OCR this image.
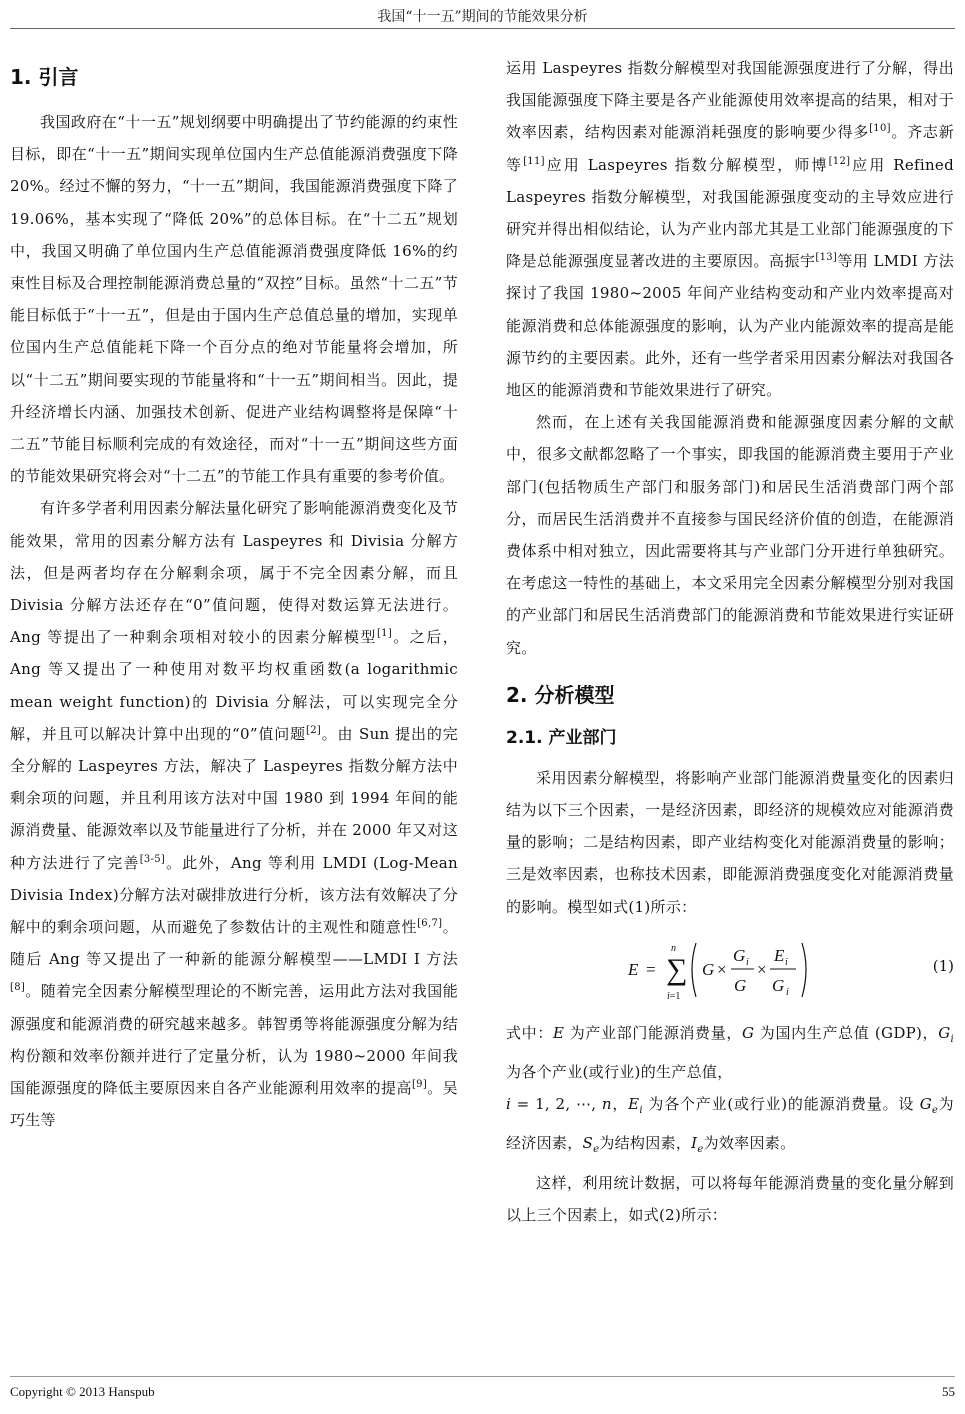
我国“十一五”期间的节能效果分析
1. 引言

我国政府在“十一五”规划纲要中明确提出了节约能源的约束性目标，即在“十一五”期间实现单位国内生产总值能源消费强度下降 20%。经过不懈的努力，“十一五”期间，我国能源消费强度下降了 19.06%，基本实现了“降低 20%”的总体目标。在“十二五”规划中，我国又明确了单位国内生产总值能源消费强度降低 16%的约束性目标及合理控制能源消费总量的“双控”目标。虽然“十二五”节能目标低于“十一五”，但是由于国内生产总值总量的增加，实现单位国内生产总值能耗下降一个百分点的绝对节能量将会增加，所以“十二五”期间要实现的节能量将和“十一五”期间相当。因此，提升经济增长内涵、加强技术创新、促进产业结构调整将是保障“十二五”节能目标顺利完成的有效途径，而对“十一五”期间这些方面的节能效果研究将会对“十二五”的节能工作具有重要的参考价值。

有许多学者利用因素分解法量化研究了影响能源消费变化及节能效果，常用的因素分解方法有 Laspeyres 和 Divisia 分解方法，但是两者均存在分解剩余项，属于不完全因素分解，而且 Divisia 分解方法还存在“0”值问题，使得对数运算无法进行。Ang 等提出了一种剩余项相对较小的因素分解模型[1]。之后，Ang 等又提出了一种使用对数平均权重函数(a logarithmic mean weight function)的 Divisia 分解法，可以实现完全分解，并且可以解决计算中出现的“0”值问题[2]。由 Sun 提出的完全分解的 Laspeyres 方法，解决了 Laspeyres 指数分解方法中剩余项的问题，并且利用该方法对中国 1980 到 1994 年间的能源消费量、能源效率以及节能量进行了分析，并在 2000 年又对这种方法进行了完善[3-5]。此外，Ang 等利用 LMDI (Log-Mean Divisia Index)分解方法对碳排放进行分析，该方法有效解决了分解中的剩余项问题，从而避免了参数估计的主观性和随意性[6,7]。随后 Ang 等又提出了一种新的能源分解模型——LMDI I 方法[8]。随着完全因素分解模型理论的不断完善，运用此方法对我国能源强度和能源消费的研究越来越多。韩智勇等将能源强度分解为结构份额和效率份额并进行了定量分析，认为 1980~2000 年间我国能源强度的降低主要原因来自各产业能源利用效率的提高[9]。吴巧生等

运用 Laspeyres 指数分解模型对我国能源强度进行了分解，得出我国能源强度下降主要是各产业能源使用效率提高的结果，相对于效率因素，结构因素对能源消耗强度的影响要少得多[10]。齐志新等[11]应用 Laspeyres 指数分解模型，师博[12]应用 Refined Laspeyres 指数分解模型，对我国能源强度变动的主导效应进行研究并得出相似结论，认为产业内部尤其是工业部门能源强度的下降是总能源强度显著改进的主要原因。高振宇[13]等用 LMDI 方法探讨了我国 1980~2005 年间产业结构变动和产业内效率提高对能源消费和总体能源强度的影响，认为产业内能源效率的提高是能源节约的主要因素。此外，还有一些学者采用因素分解法对我国各地区的能源消费和节能效果进行了研究。

然而，在上述有关我国能源消费和能源强度因素分解的文献中，很多文献都忽略了一个事实，即我国的能源消费主要用于产业部门(包括物质生产部门和服务部门)和居民生活消费部门两个部分，而居民生活消费并不直接参与国民经济价值的创造，在能源消费体系中相对独立，因此需要将其与产业部门分开进行单独研究。在考虑这一特性的基础上，本文采用完全因素分解模型分别对我国的产业部门和居民生活消费部门的能源消费和节能效果进行实证研究。

2. 分析模型
2.1. 产业部门

采用因素分解模型，将影响产业部门能源消费量变化的因素归结为以下三个因素，一是经济因素，即经济的规模效应对能源消费量的影响；二是结构因素，即产业结构变化对能源消费量的影响；三是效率因素，也称技术因素，即能源消费强度变化对能源消费量的影响。模型如式(1)所示：

E = ∑
n
i=1
G ×
G i
G
×
E i
G i
(1)

式中：E 为产业部门能源消费量，G 为国内生产总值 (GDP)，$G_i$为各个产业(或行业)的生产总值，
i = 1, 2, ⋯, n，$E_i$ 为各个产业(或行业)的能源消费量。设 $G_e$为经济因素，$S_e$为结构因素，$I_e$为效率因素。

这样，利用统计数据，可以将每年能源消费量的变化量分解到以上三个因素上，如式(2)所示：

Copyright © 2013 Hanspub	55
